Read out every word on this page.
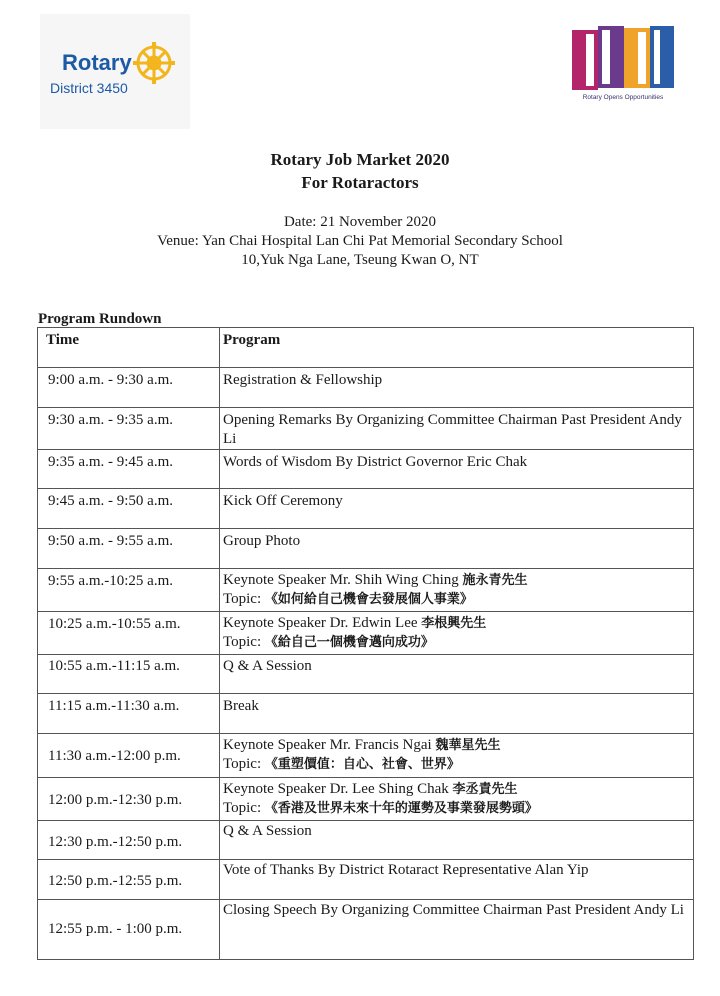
Rotary
District 3450
Rotary Opens Opportunities
Rotary Job Market 2020
For Rotaractors
Date: 21 November 2020
Venue: Yan Chai Hospital Lan Chi Pat Memorial Secondary School
10,Yuk Nga Lane, Tseung Kwan O, NT
Program Rundown
Time	Program
9:00 a.m. - 9:30 a.m.	Registration & Fellowship
9:30 a.m. - 9:35 a.m.	Opening Remarks By Organizing Committee Chairman Past President Andy Li
9:35 a.m. - 9:45 a.m.	Words of Wisdom By District Governor Eric Chak
9:45 a.m. - 9:50 a.m.	Kick Off Ceremony
9:50 a.m. - 9:55 a.m.	Group Photo
9:55 a.m.-10:25 a.m.	Keynote Speaker Mr. Shih Wing Ching 施永青先生
Topic: 《如何給自己機會去發展個人事業》

10:25 a.m.-10:55 a.m.	Keynote Speaker Dr. Edwin Lee 李根興先生
Topic: 《給自己一個機會邁向成功》

10:55 a.m.-11:15 a.m.	Q & A Session
11:15 a.m.-11:30 a.m.	Break
11:30 a.m.-12:00 p.m.	Keynote Speaker Mr. Francis Ngai 魏華星先生
Topic: 《重塑價值：自心、社會、世界》

12:00 p.m.-12:30 p.m.	Keynote Speaker Dr. Lee Shing Chak 李丞責先生
Topic: 《香港及世界未來十年的運勢及事業發展勢頭》

12:30 p.m.-12:50 p.m.	Q & A Session
12:50 p.m.-12:55 p.m.	Vote of Thanks By District Rotaract Representative Alan Yip
12:55 p.m. - 1:00 p.m.	Closing Speech By Organizing Committee Chairman Past President Andy Li
